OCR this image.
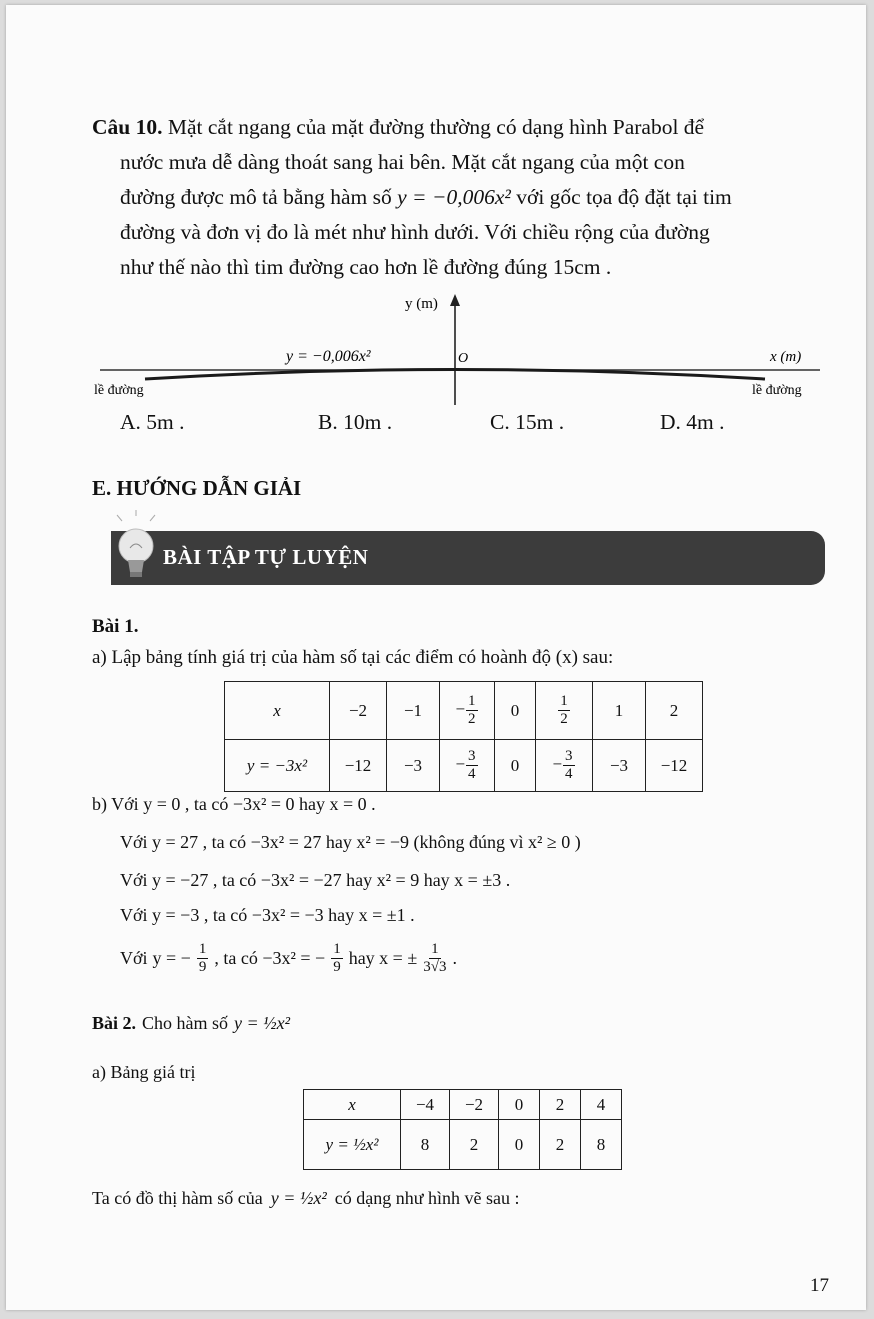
Câu 10. Mặt cắt ngang của mặt đường thường có dạng hình Parabol để
nước mưa dễ dàng thoát sang hai bên. Mặt cắt ngang của một con
đường được mô tả bằng hàm số y = −0,006x² với gốc tọa độ đặt tại tim
đường và đơn vị đo là mét như hình dưới. Với chiều rộng của đường
như thế nào thì tim đường cao hơn lề đường đúng 15cm .
y (m)
x (m)
y = −0,006x²	O
lề đường	lề đường
A. 5m .	B. 10m .	C. 15m .	D. 4m .
E. HƯỚNG DẪN GIẢI
BÀI TẬP TỰ LUYỆN
Bài 1.
a) Lập bảng tính giá trị của hàm số tại các điểm có hoành độ (x) sau:
x	−2	−1	− $\frac{1}{2}$	0	$\frac{1}{2}$	1	2
y = −3x²	−12	−3	− $\frac{3}{4}$	0	− $\frac{3}{4}$	−3	−12
b) Với y = 0 , ta có −3x² = 0 hay x = 0 .
Với y = 27 , ta có −3x² = 27 hay x² = −9 (không đúng vì x² ≥ 0 )
Với y = −27 , ta có −3x² = −27 hay x² = 9 hay x = ±3 .
Với y = −3 , ta có −3x² = −3 hay x = ±1 .
Với y = − $\frac{1}{9}$ , ta có −3x² = − $\frac{1}{9}$ hay x = ± $\frac{1}{3√3}$ .
Bài 2. Cho hàm số y = ½x²
a) Bảng giá trị
x	−4	−2	0	2	4
y = ½x²	8	2	0	2	8
Ta có đồ thị hàm số của y = ½x² có dạng như hình vẽ sau :
17
